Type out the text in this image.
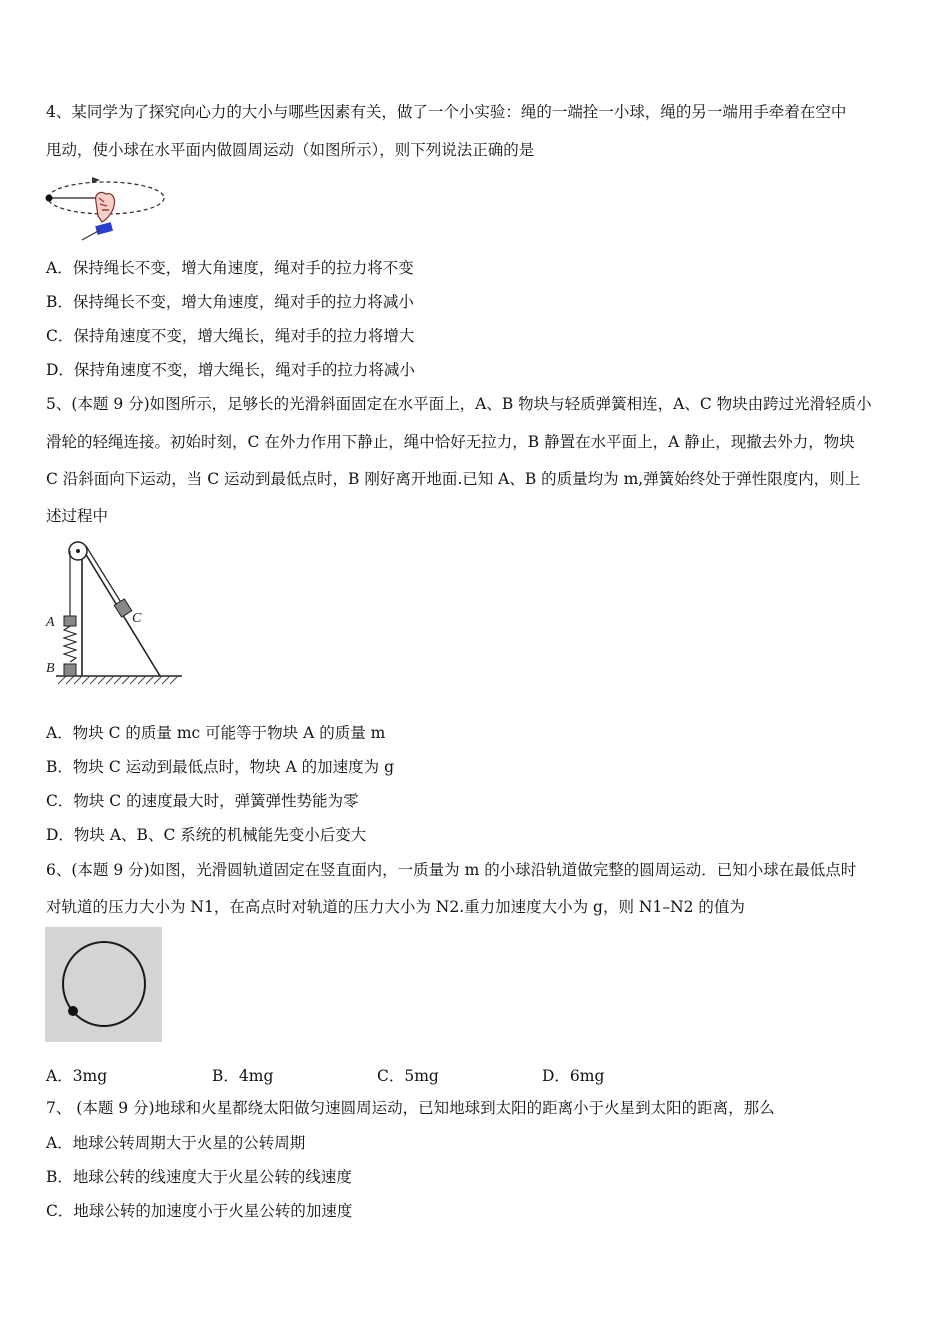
4、某同学为了探究向心力的大小与哪些因素有关，做了一个小实验：绳的一端拴一小球，绳的另一端用手牵着在空中
甩动，使小球在水平面内做圆周运动（如图所示），则下列说法正确的是
A．保持绳长不变，增大角速度，绳对手的拉力将不变
B．保持绳长不变，增大角速度，绳对手的拉力将减小
C．保持角速度不变，增大绳长，绳对手的拉力将增大
D．保持角速度不变，增大绳长，绳对手的拉力将减小
5、(本题 9 分)如图所示，足够长的光滑斜面固定在水平面上，A、B 物块与轻质弹簧相连，A、C 物块由跨过光滑轻质小
滑轮的轻绳连接。初始时刻，C 在外力作用下静止，绳中恰好无拉力，B 静置在水平面上，A 静止，现撤去外力，物块
C 沿斜面向下运动，当 C 运动到最低点时，B 刚好离开地面.已知 A、B 的质量均为 m,弹簧始终处于弹性限度内，则上
述过程中
A
B
C
A．物块 C 的质量 mc 可能等于物块 A 的质量 m
B．物块 C 运动到最低点时，物块 A 的加速度为 g
C．物块 C 的速度最大时，弹簧弹性势能为零
D．物块 A、B、C 系统的机械能先变小后变大
6、(本题 9 分)如图，光滑圆轨道固定在竖直面内，一质量为 m 的小球沿轨道做完整的圆周运动．已知小球在最低点时
对轨道的压力大小为 N1，在高点时对轨道的压力大小为 N2.重力加速度大小为 g，则 N1–N2 的值为
A．3mg	B．4mg	C．5mg	D．6mg
7、 (本题 9 分)地球和火星都绕太阳做匀速圆周运动，已知地球到太阳的距离小于火星到太阳的距离，那么
A．地球公转周期大于火星的公转周期
B．地球公转的线速度大于火星公转的线速度
C．地球公转的加速度小于火星公转的加速度
